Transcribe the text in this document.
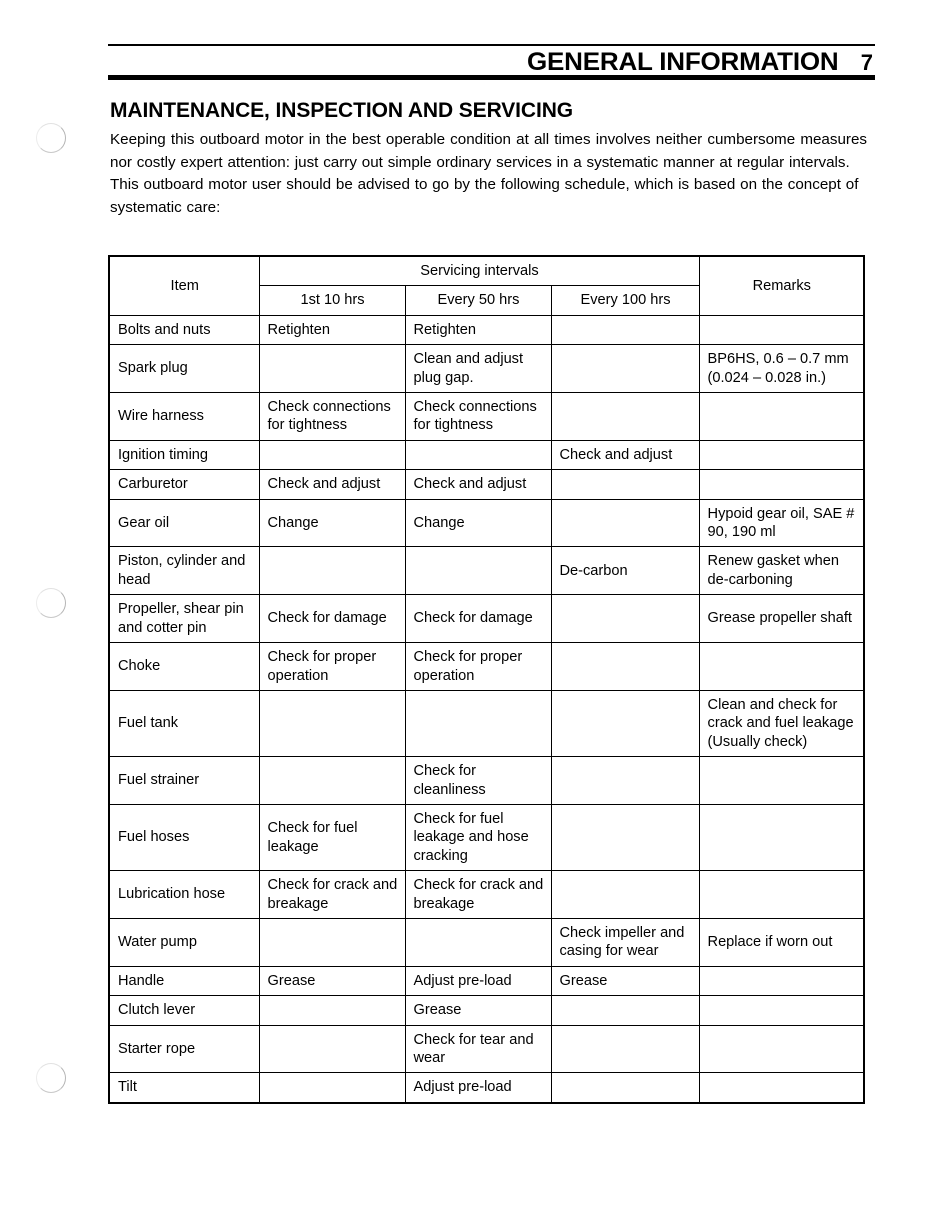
GENERAL INFORMATION 7
MAINTENANCE, INSPECTION AND SERVICING

Keeping this outboard motor in the best operable condition at all times involves neither cumbersome measures nor costly expert attention: just carry out simple ordinary services in a systematic manner at regular intervals.

This outboard motor user should be advised to go by the following schedule, which is based on the concept of systematic care:

Item	Servicing intervals			Remarks
	1st 10 hrs	Every 50 hrs	Every 100 hrs	
Bolts and nuts	Retighten	Retighten		
Spark plug		Clean and adjust plug gap.		BP6HS, 0.6 – 0.7 mm (0.024 – 0.028 in.)
Wire harness	Check connections for tightness	Check connections for tightness		
Ignition timing			Check and adjust	
Carburetor	Check and adjust	Check and adjust		
Gear oil	Change	Change		Hypoid gear oil, SAE # 90, 190 ml
Piston, cylinder and head			De-carbon	Renew gasket when de-carboning
Propeller, shear pin and cotter pin	Check for damage	Check for damage		Grease propeller shaft
Choke	Check for proper operation	Check for proper operation		
Fuel tank				Clean and check for crack and fuel leakage (Usually check)
Fuel strainer		Check for cleanliness		
Fuel hoses	Check for fuel leakage	Check for fuel leakage and hose cracking		
Lubrication hose	Check for crack and breakage	Check for crack and breakage		
Water pump			Check impeller and casing for wear	Replace if worn out
Handle	Grease	Adjust pre-load	Grease	
Clutch lever		Grease		
Starter rope		Check for tear and wear		
Tilt		Adjust pre-load		
